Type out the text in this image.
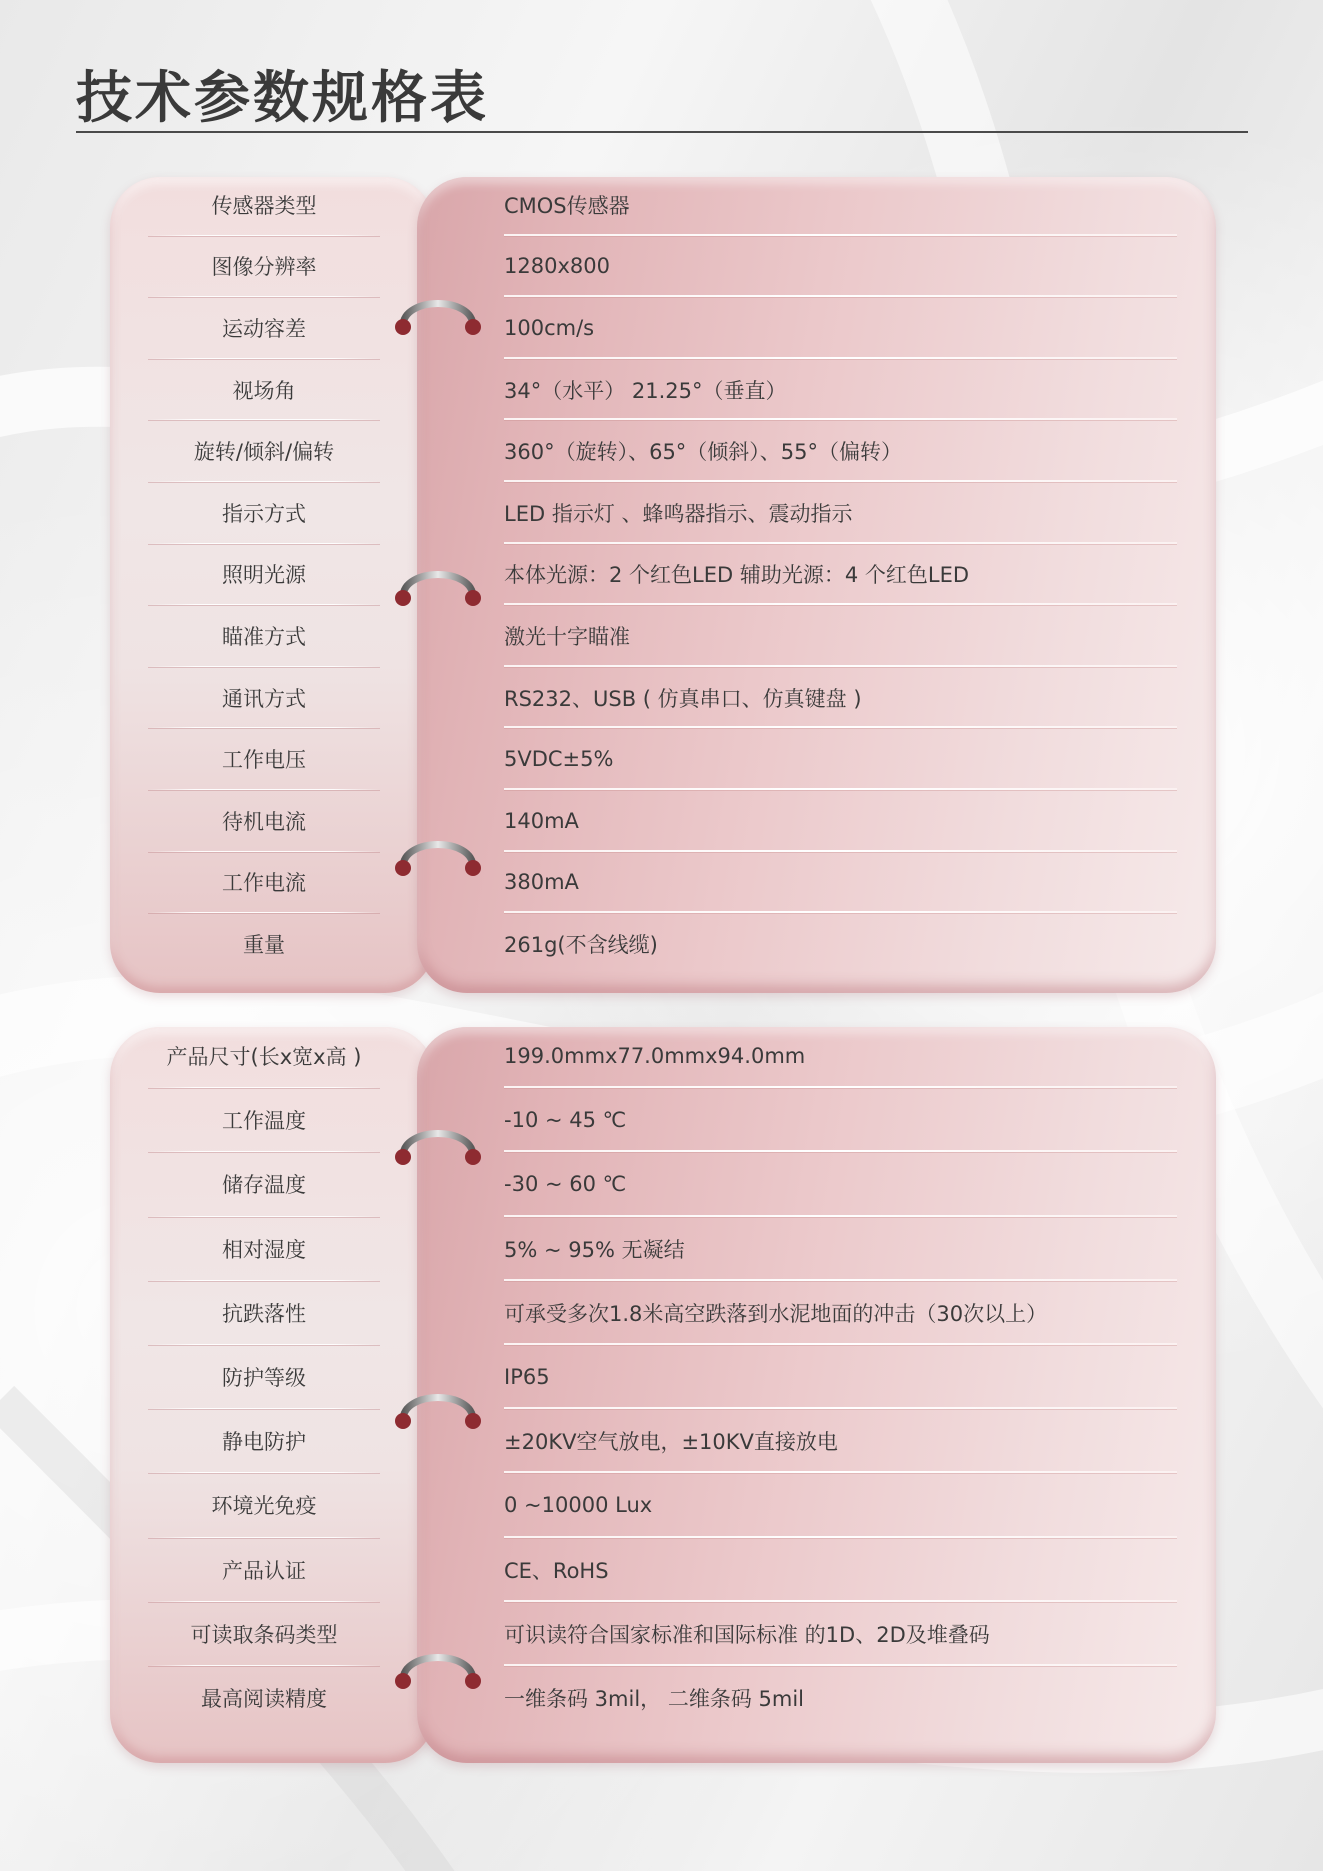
技术参数规格表
传感器类型	CMOS传感器
图像分辨率	1280x800
运动容差	100cm/s
视场角	34°（水平） 21.25°（垂直）
旋转/倾斜/偏转	360°（旋转）、65°（倾斜）、55°（偏转）
指示方式	LED 指示灯 、蜂鸣器指示、震动指示
照明光源	本体光源：2 个红色LED 辅助光源：4 个红色LED
瞄准方式	激光十字瞄准
通讯方式	RS232、USB ( 仿真串口、仿真键盘 )
工作电压	5VDC±5%
待机电流	140mA
工作电流	380mA
重量	261g(不含线缆)
产品尺寸(长x宽x高 )	199.0mmx77.0mmx94.0mm
工作温度	-10 ~ 45 ℃
储存温度	-30 ~ 60 ℃
相对湿度	5% ~ 95% 无凝结
抗跌落性	可承受多次1.8米高空跌落到水泥地面的冲击（30次以上）
防护等级	IP65
静电防护	±20KV空气放电，±10KV直接放电
环境光免疫	0 ~10000 Lux
产品认证	CE、RoHS
可读取条码类型	可识读符合国家标准和国际标准 的1D、2D及堆叠码
最高阅读精度	一维条码 3mil， 二维条码 5mil
